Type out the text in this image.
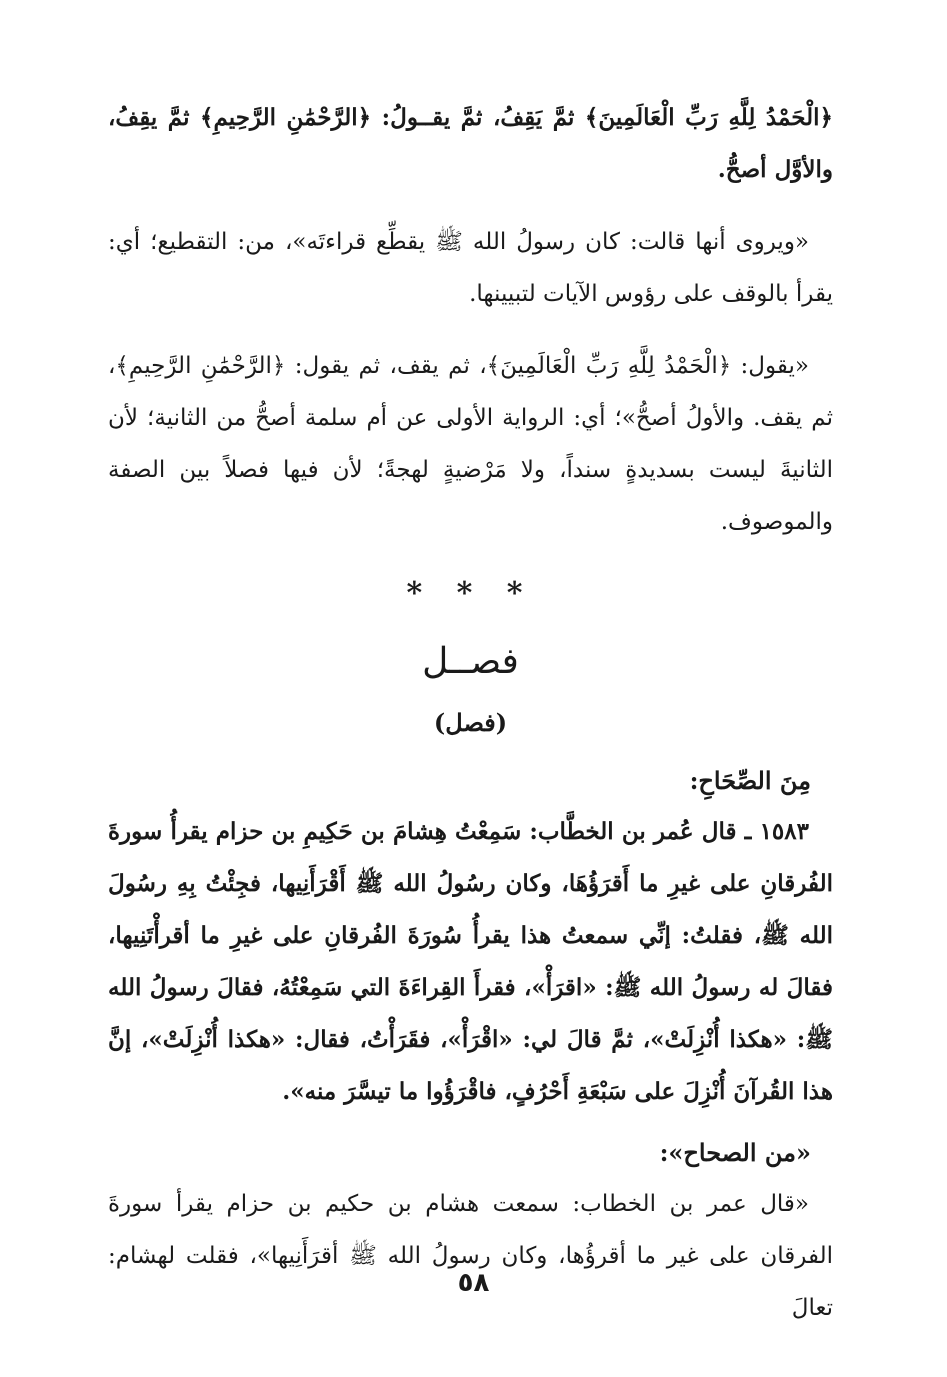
﴿الْحَمْدُ لِلَّهِ رَبِّ الْعَالَمِينَ﴾ ثمَّ يَقِفُ، ثمَّ يقــولُ: ﴿الرَّحْمَٰنِ الرَّحِيمِ﴾ ثمَّ يقِفُ، والأوَّل أصحُّ.

«ويروى أنها قالت: كان رسولُ الله ﷺ يقطِّع قراءتَه»، من: التقطيع؛ أي: يقرأ بالوقف على رؤوس الآيات لتبيينها.

«يقول: ﴿الْحَمْدُ لِلَّهِ رَبِّ الْعَالَمِينَ﴾، ثم يقف، ثم يقول: ﴿الرَّحْمَٰنِ الرَّحِيمِ﴾، ثم يقف. والأولُ أصحُّ»؛ أي: الرواية الأولى عن أم سلمة أصحُّ من الثانية؛ لأن الثانيةَ ليست بسديدةٍ سنداً، ولا مَرْضيةٍ لهجةً؛ لأن فيها فصلاً بين الصفة والموصوف.

* * *
فصــل
(فصل)
مِنَ الصِّحَاحِ:

١٥٨٣ ـ قال عُمر بن الخطَّاب: سَمِعْتُ هِشامَ بن حَكِيمِ بن حزام يقرأُ سورةَ الفُرقانِ على غيرِ ما أَقرَؤُهَا، وكان رسُولُ الله ﷺ أَقْرَأَنِيها، فجِئْتُ بِهِ رسُولَ الله ﷺ، فقلتُ: إنِّي سمعتُ هذا يقرأُ سُورَةَ الفُرقانِ على غيرِ ما أقرأْتَنِيها، فقالَ له رسولُ الله ﷺ: «اقرَأْ»، فقرأَ القِراءَةَ التي سَمِعْتُهُ، فقالَ رسولُ الله ﷺ: «هكذا أُنْزِلَتْ»، ثمَّ قالَ لي: «اقْرَأْ»، فقَرَأْتُ، فقال: «هكذا أُنْزِلَتْ»، إنَّ هذا القُرآنَ أُنْزِلَ على سَبْعَةِ أَحْرُفٍ، فاقْرَؤُوا ما تيسَّرَ منه».

«من الصحاح»:

«قال عمر بن الخطاب: سمعت هشام بن حكيم بن حزام يقرأ سورةَ الفرقان على غير ما أقرؤُها، وكان رسولُ الله ﷺ أقرَأَنِيها»، فقلت لهشام: تعالَ

٥٨
